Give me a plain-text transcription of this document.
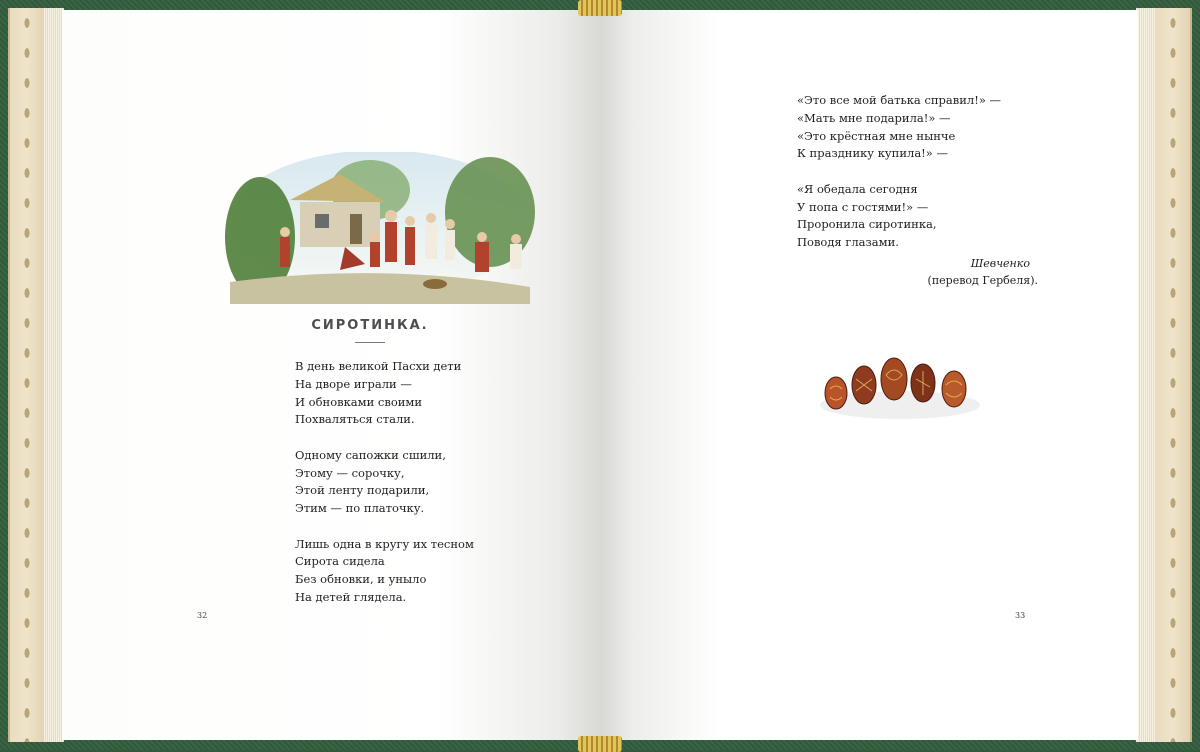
СИРОТИНКА.
В день великой Пасхи дети
На дворе играли —
И обновками своими
Похваляться стали.
Одному сапожки сшили,
Этому — сорочку,
Этой ленту подарили,
Этим — по платочку.
Лишь одна в кругу их тесном
Сирота сидела
Без обновки, и уныло
На детей глядела.
32
«Это все мой батька справил!» —
«Мать мне подарила!» —
«Это крёстная мне нынче
К празднику купила!» —
«Я обедала сегодня
У попа с гостями!» —
Проронила сиротинка,
Поводя глазами.
Шевченко
(перевод Гербеля).
33
